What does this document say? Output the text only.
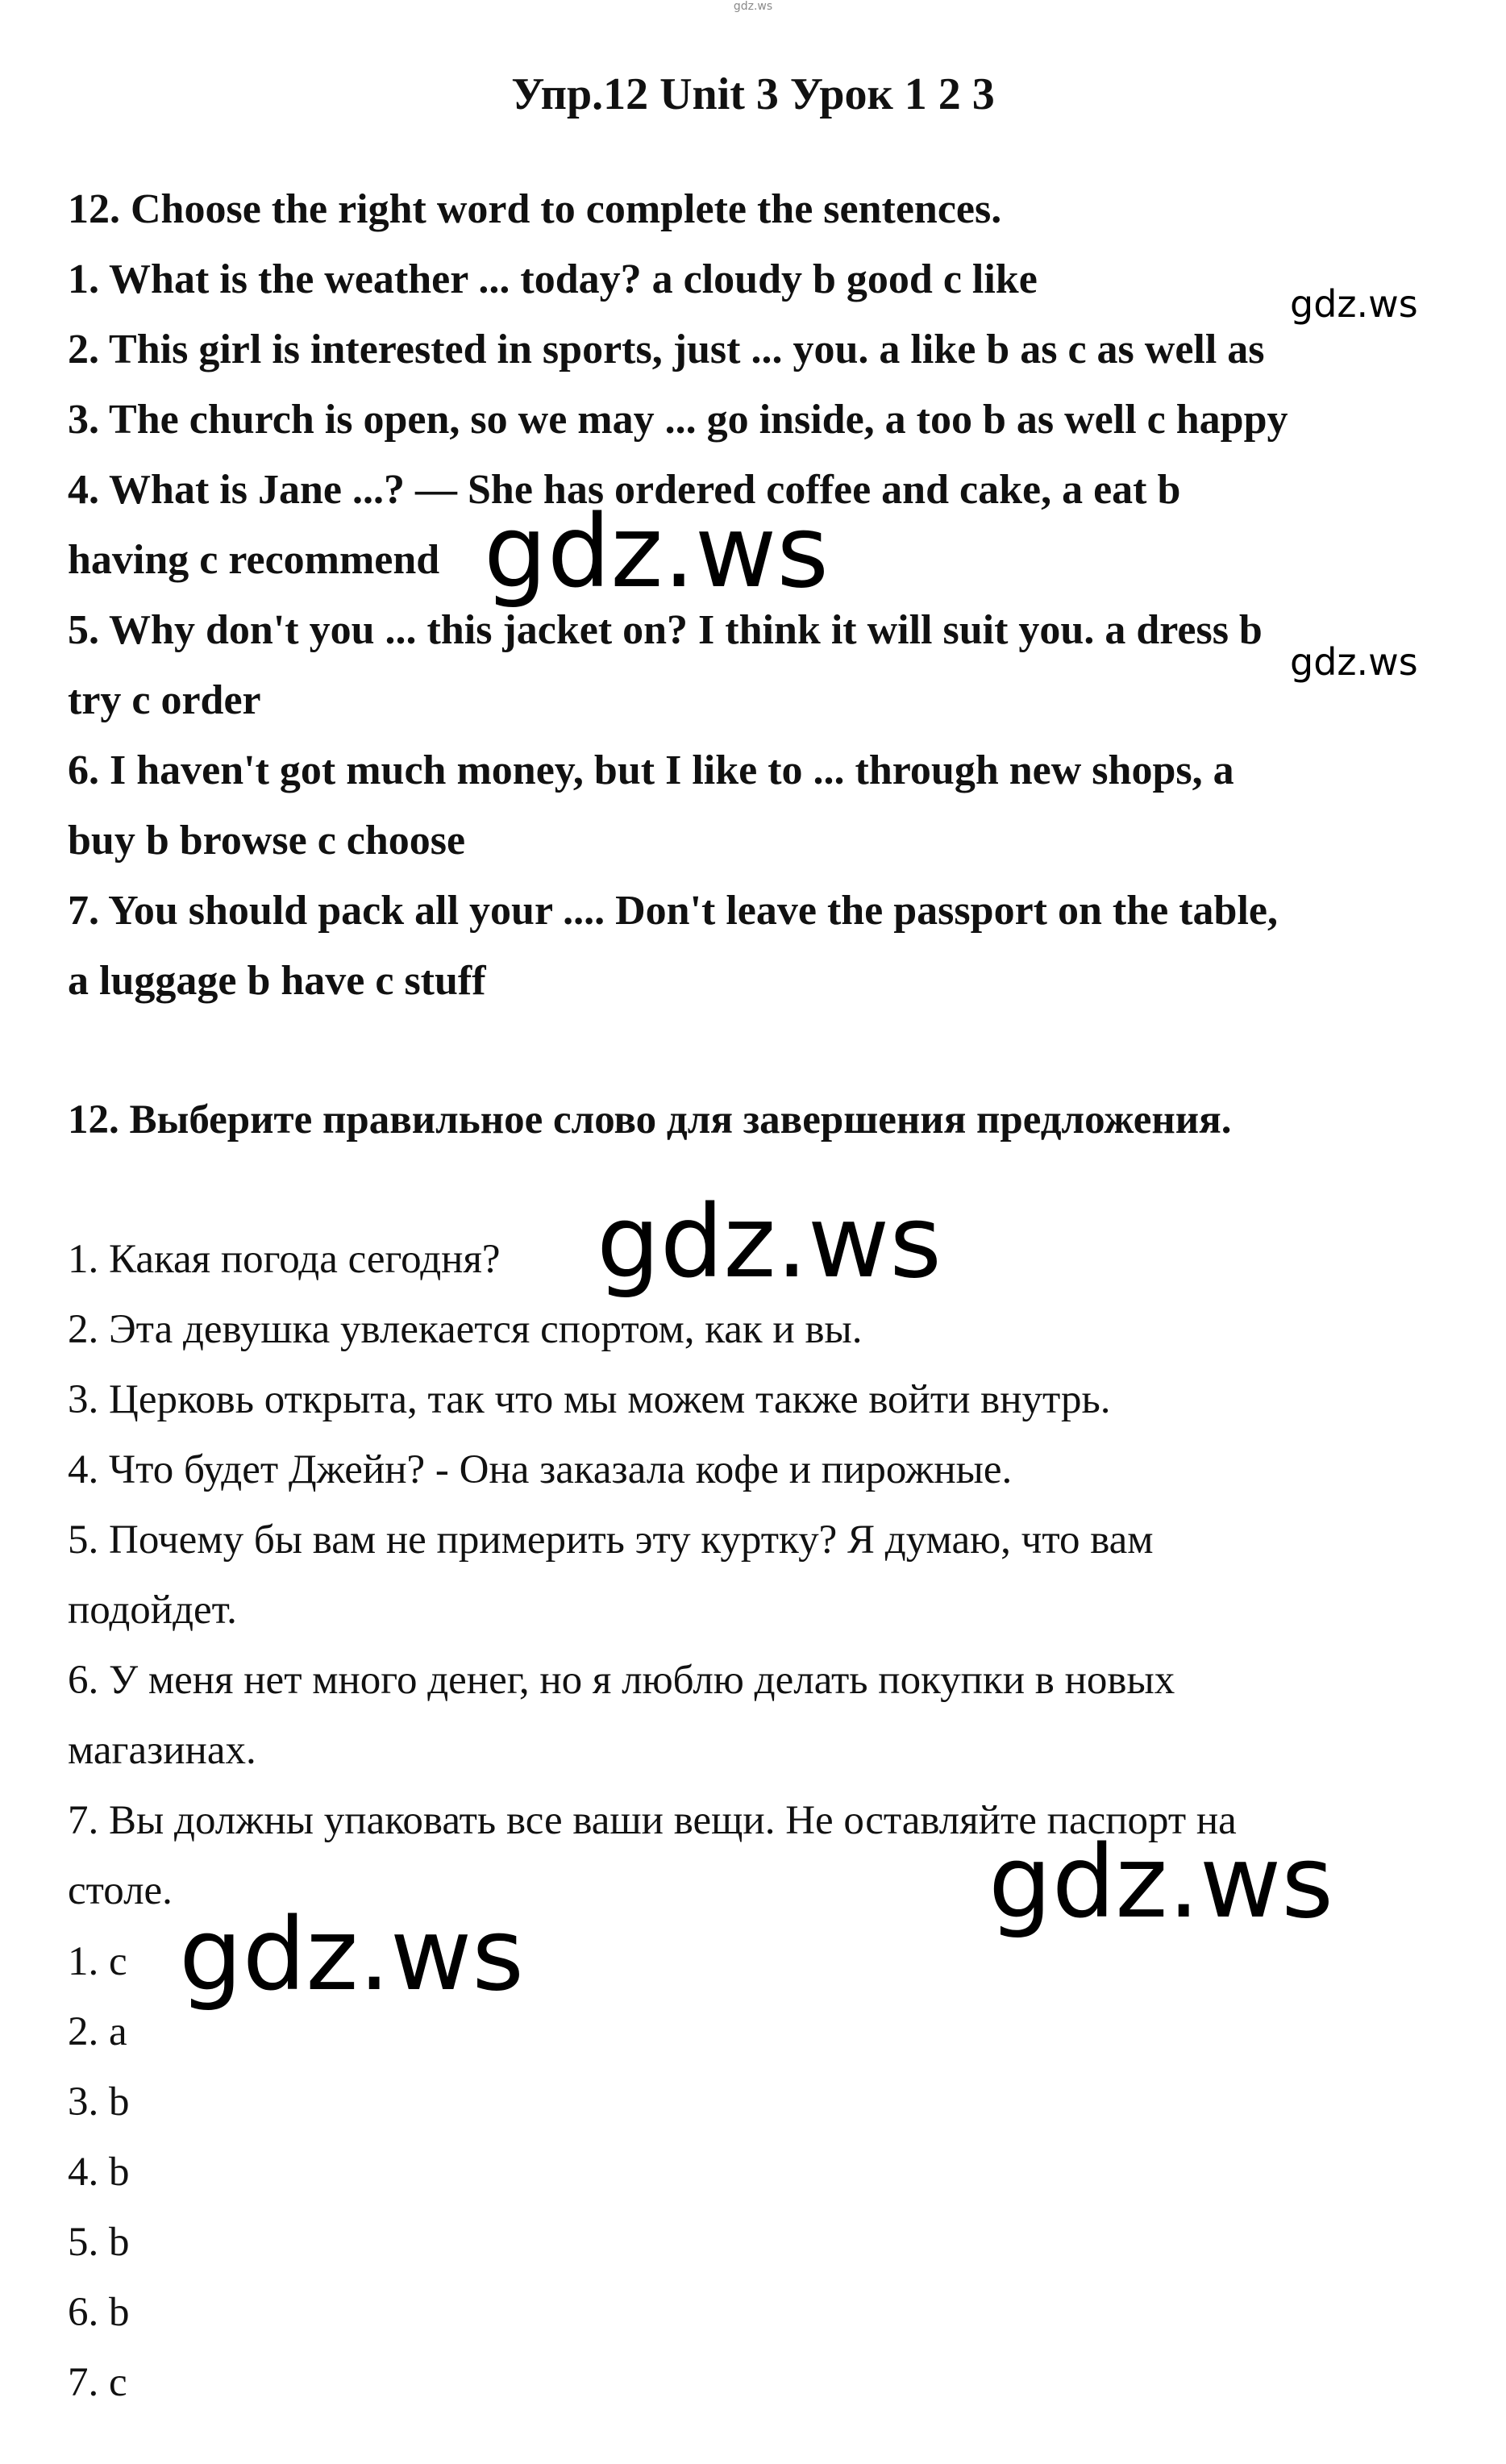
gdz.ws
Упр.12 Unit 3 Урок 1 2 3

12. Choose the right word to complete the sentences.

1. What is the weather ... today? a cloudy b good c like

2. This girl is interested in sports, just ... you. a like b as c as well as

3. The church is open, so we may ... go inside, a too b as well c happy

4. What is Jane ...? — She has ordered coffee and cake, a eat b

having c recommend

5. Why don't you ... this jacket on? I think it will suit you. a dress b

try c order

6. I haven't got much money, but I like to ... through new shops, a

buy b browse c choose

7. You should pack all your .... Don't leave the passport on the table,

a luggage b have c stuff

12. Выберите правильное слово для завершения предложения.

1. Какая погода сегодня?

2. Эта девушка увлекается спортом, как и вы.

3. Церковь открыта, так что мы можем также войти внутрь.

4. Что будет Джейн? - Она заказала кофе и пирожные.

5. Почему бы вам не примерить эту куртку? Я думаю, что вам

подойдет.

6. У меня нет много денег, но я люблю делать покупки в новых

магазинах.

7. Вы должны упаковать все ваши вещи. Не оставляйте паспорт на

столе.

1. c

2. a

3. b

4. b

5. b

6. b

7. c

gdz.ws
gdz.ws
gdz.ws
gdz.ws
gdz.ws
gdz.ws
